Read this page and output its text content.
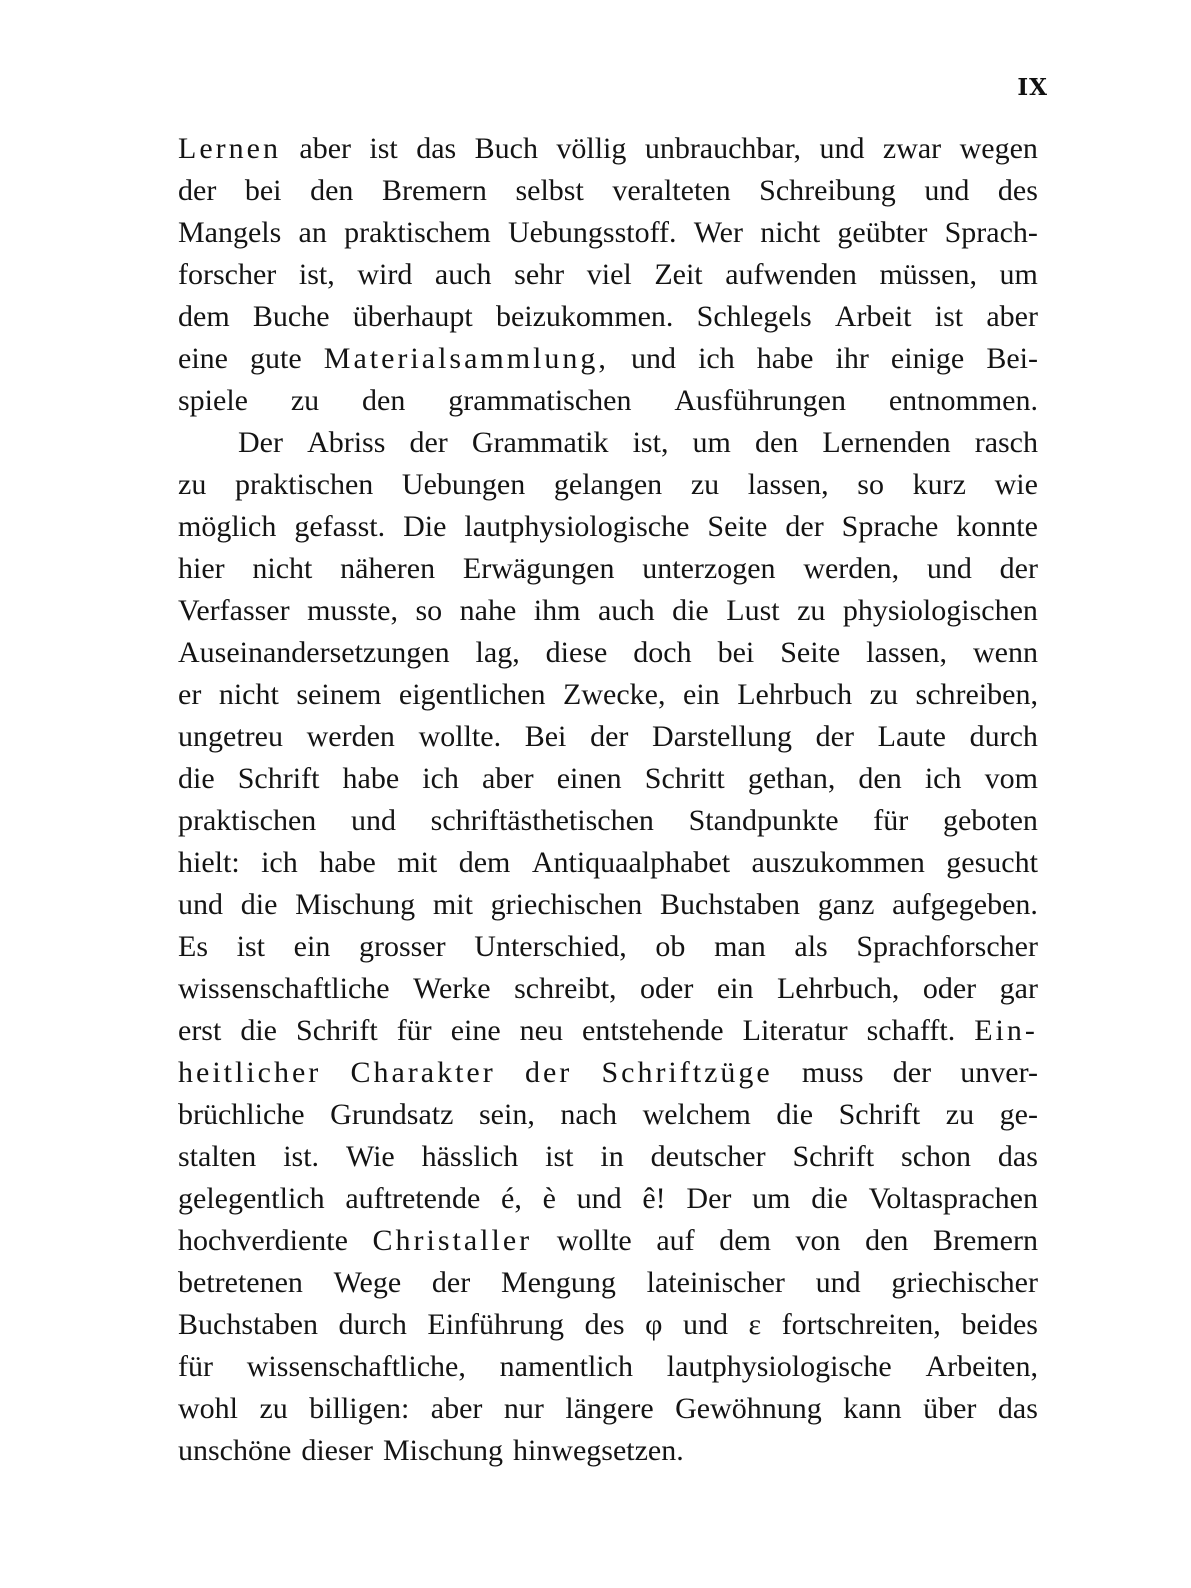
IX
Lernen aber ist das Buch völlig unbrauchbar, und zwar wegen
der bei den Bremern selbst veralteten Schreibung und des
Mangels an praktischem Uebungsstoff. Wer nicht geübter Sprach-
forscher ist, wird auch sehr viel Zeit aufwenden müssen, um
dem Buche überhaupt beizukommen. Schlegels Arbeit ist aber
eine gute Materialsammlung, und ich habe ihr einige Bei-
spiele zu den grammatischen Ausführungen entnommen.
Der Abriss der Grammatik ist, um den Lernenden rasch
zu praktischen Uebungen gelangen zu lassen, so kurz wie
möglich gefasst. Die lautphysiologische Seite der Sprache konnte
hier nicht näheren Erwägungen unterzogen werden, und der
Verfasser musste, so nahe ihm auch die Lust zu physiologischen
Auseinandersetzungen lag, diese doch bei Seite lassen, wenn
er nicht seinem eigentlichen Zwecke, ein Lehrbuch zu schreiben,
ungetreu werden wollte. Bei der Darstellung der Laute durch
die Schrift habe ich aber einen Schritt gethan, den ich vom
praktischen und schriftästhetischen Standpunkte für geboten
hielt: ich habe mit dem Antiquaalphabet auszukommen gesucht
und die Mischung mit griechischen Buchstaben ganz aufgegeben.
Es ist ein grosser Unterschied, ob man als Sprachforscher
wissenschaftliche Werke schreibt, oder ein Lehrbuch, oder gar
erst die Schrift für eine neu entstehende Literatur schafft. Ein-
heitlicher Charakter der Schriftzüge muss der unver-
brüchliche Grundsatz sein, nach welchem die Schrift zu ge-
stalten ist. Wie hässlich ist in deutscher Schrift schon das
gelegentlich auftretende é, è und ê! Der um die Voltasprachen
hochverdiente Christaller wollte auf dem von den Bremern
betretenen Wege der Mengung lateinischer und griechischer
Buchstaben durch Einführung des φ und ε fortschreiten, beides
für wissenschaftliche, namentlich lautphysiologische Arbeiten,
wohl zu billigen: aber nur längere Gewöhnung kann über das
unschöne dieser Mischung hinwegsetzen.
